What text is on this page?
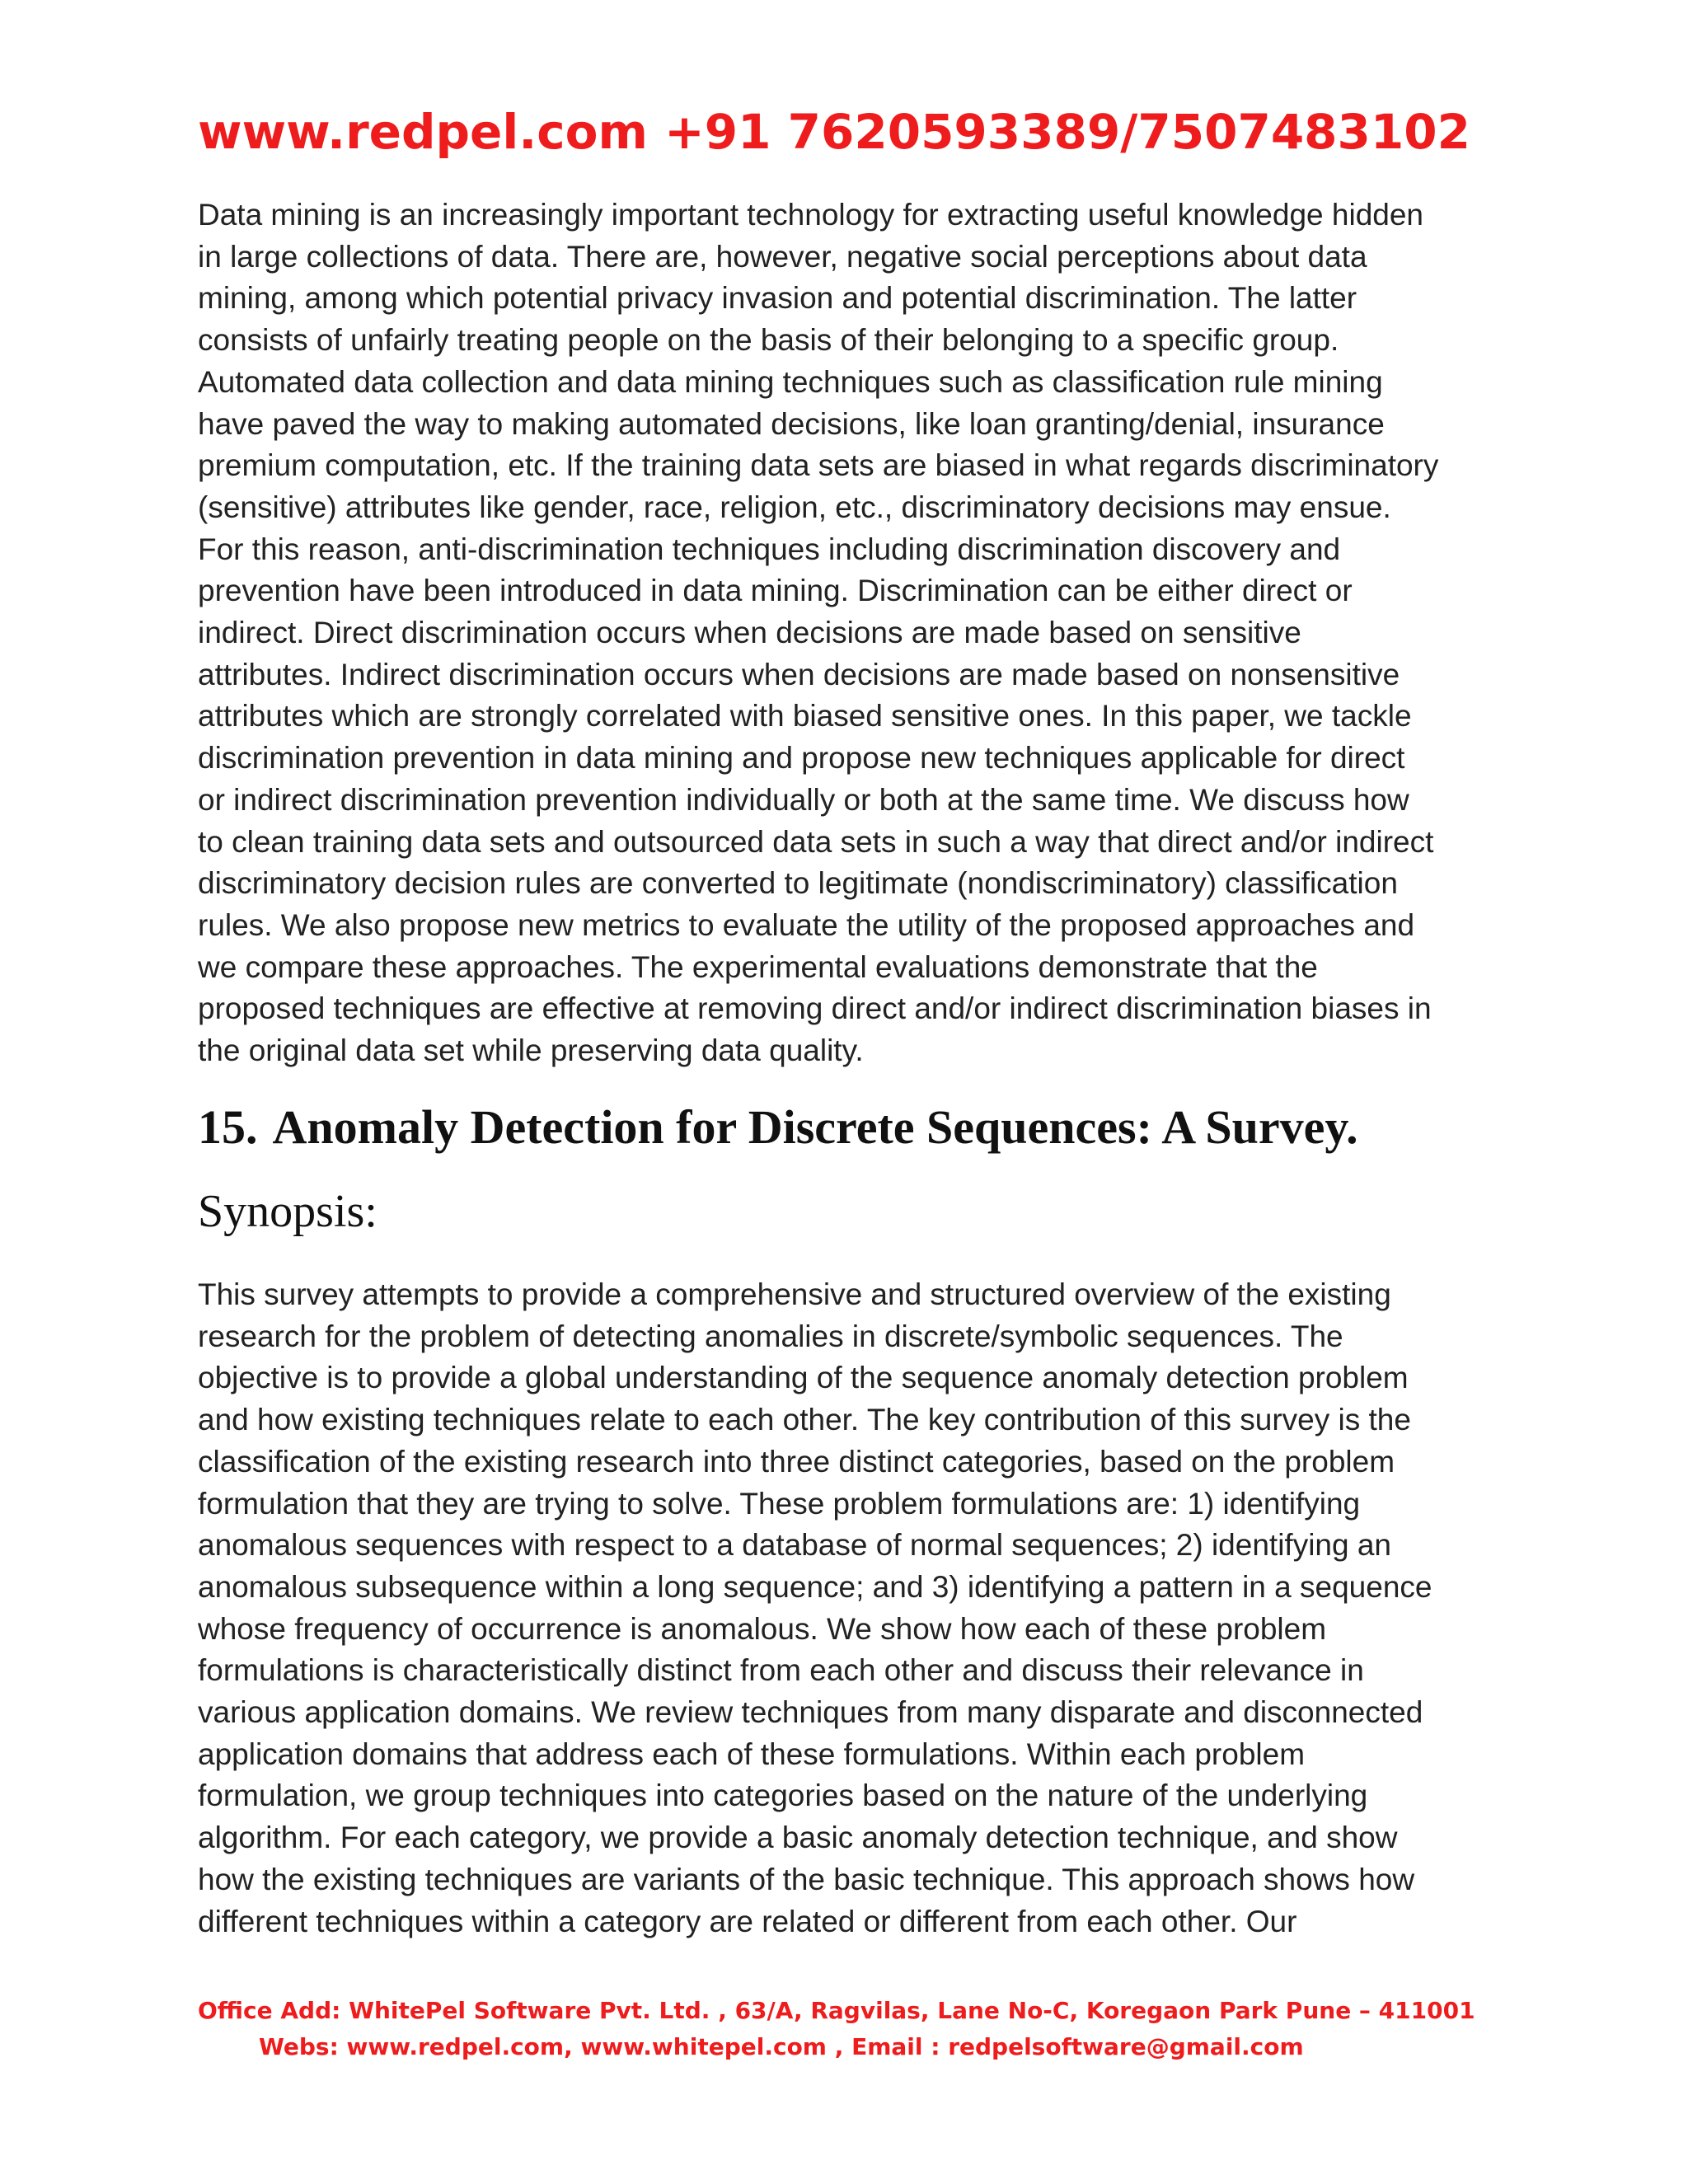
www.redpel.com +91 7620593389/7507483102
Data mining is an increasingly important technology for extracting useful knowledge hidden
in large collections of data. There are, however, negative social perceptions about data
mining, among which potential privacy invasion and potential discrimination. The latter
consists of unfairly treating people on the basis of their belonging to a specific group.
Automated data collection and data mining techniques such as classification rule mining
have paved the way to making automated decisions, like loan granting/denial, insurance
premium computation, etc. If the training data sets are biased in what regards discriminatory
(sensitive) attributes like gender, race, religion, etc., discriminatory decisions may ensue.
For this reason, anti-discrimination techniques including discrimination discovery and
prevention have been introduced in data mining. Discrimination can be either direct or
indirect. Direct discrimination occurs when decisions are made based on sensitive
attributes. Indirect discrimination occurs when decisions are made based on nonsensitive
attributes which are strongly correlated with biased sensitive ones. In this paper, we tackle
discrimination prevention in data mining and propose new techniques applicable for direct
or indirect discrimination prevention individually or both at the same time. We discuss how
to clean training data sets and outsourced data sets in such a way that direct and/or indirect
discriminatory decision rules are converted to legitimate (nondiscriminatory) classification
rules. We also propose new metrics to evaluate the utility of the proposed approaches and
we compare these approaches. The experimental evaluations demonstrate that the
proposed techniques are effective at removing direct and/or indirect discrimination biases in
the original data set while preserving data quality.
15. Anomaly Detection for Discrete Sequences: A Survey.
Synopsis:
This survey attempts to provide a comprehensive and structured overview of the existing
research for the problem of detecting anomalies in discrete/symbolic sequences. The
objective is to provide a global understanding of the sequence anomaly detection problem
and how existing techniques relate to each other. The key contribution of this survey is the
classification of the existing research into three distinct categories, based on the problem
formulation that they are trying to solve. These problem formulations are: 1) identifying
anomalous sequences with respect to a database of normal sequences; 2) identifying an
anomalous subsequence within a long sequence; and 3) identifying a pattern in a sequence
whose frequency of occurrence is anomalous. We show how each of these problem
formulations is characteristically distinct from each other and discuss their relevance in
various application domains. We review techniques from many disparate and disconnected
application domains that address each of these formulations. Within each problem
formulation, we group techniques into categories based on the nature of the underlying
algorithm. For each category, we provide a basic anomaly detection technique, and show
how the existing techniques are variants of the basic technique. This approach shows how
different techniques within a category are related or different from each other. Our
Office Add: WhitePel Software Pvt. Ltd. , 63/A, Ragvilas, Lane No-C, Koregaon Park Pune – 411001
Webs: www.redpel.com, www.whitepel.com , Email : redpelsoftware@gmail.com
